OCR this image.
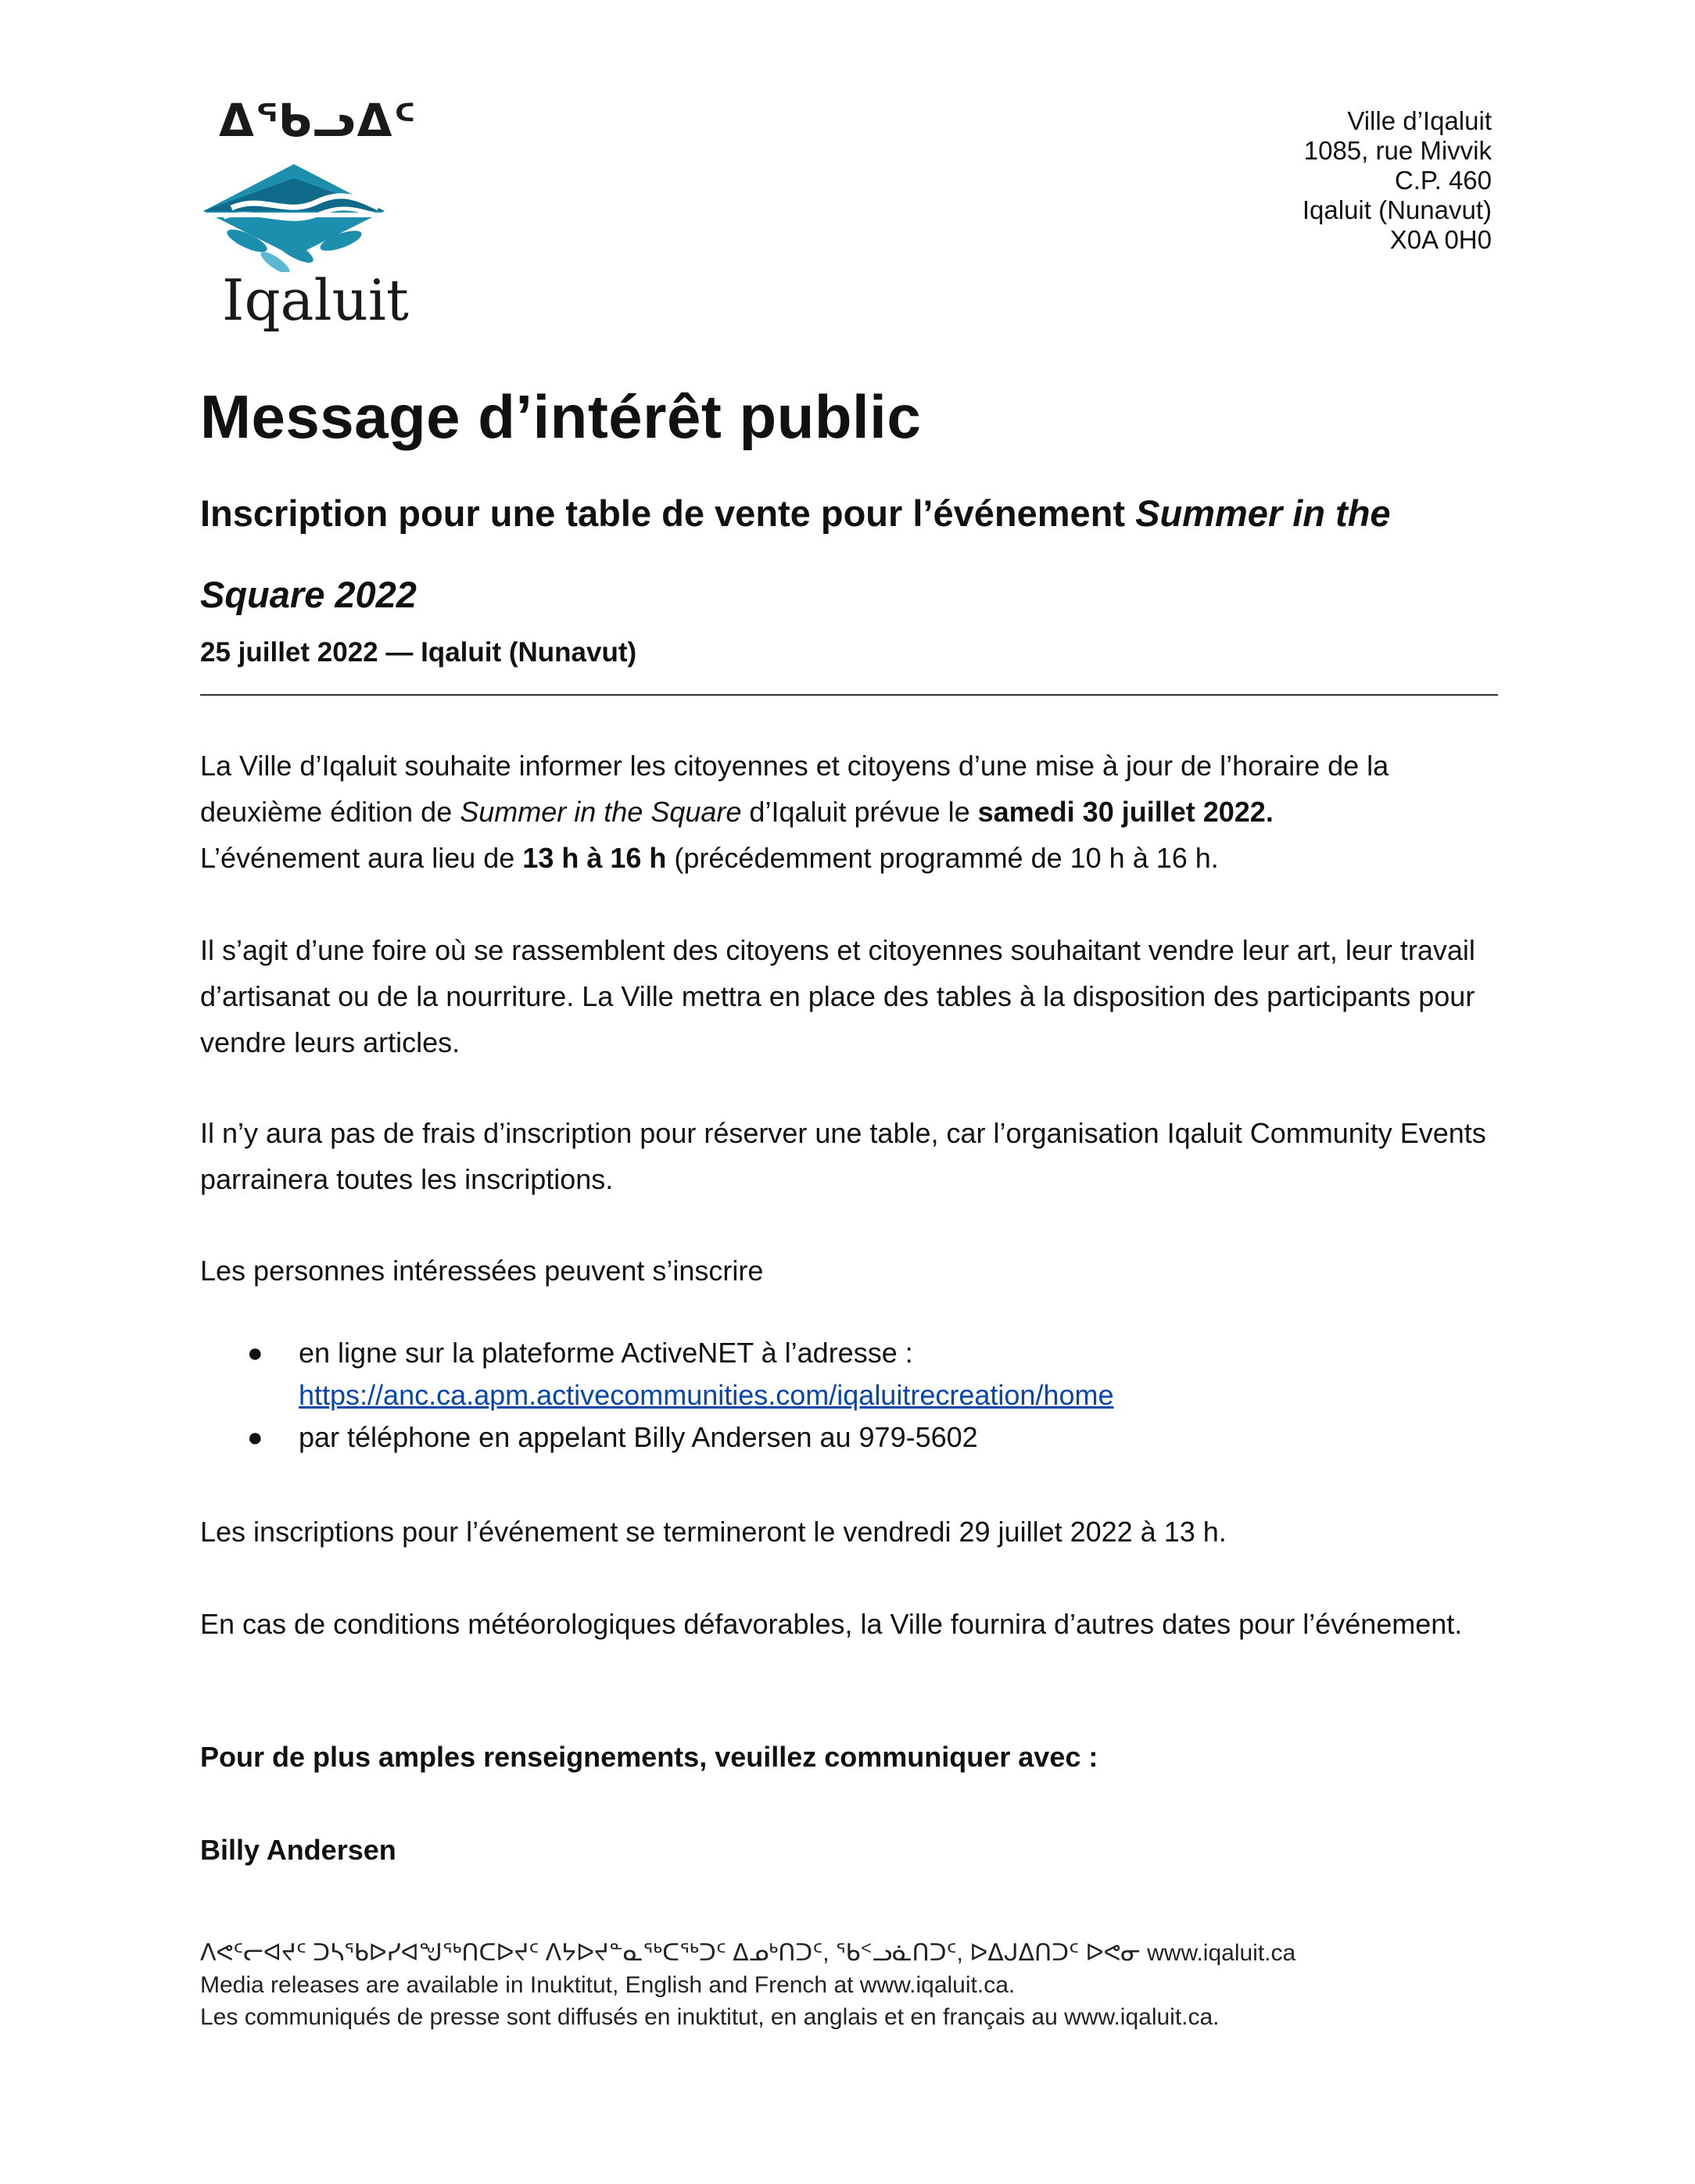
ᐃᖃᓗᐃᑦ
Iqaluit
Ville d’Iqaluit
1085, rue Mivvik
C.P. 460
Iqaluit (Nunavut)
X0A 0H0
Message d’intérêt public

Inscription pour une table de vente pour l’événement Summer in the Square 2022

25 juillet 2022 — Iqaluit (Nunavut)

La Ville d’Iqaluit souhaite informer les citoyennes et citoyens d’une mise à jour de l’horaire de la deuxième édition de Summer in the Square d’Iqaluit prévue le samedi 30 juillet 2022.
L’événement aura lieu de 13 h à 16 h (précédemment programmé de 10 h à 16 h.

Il s’agit d’une foire où se rassemblent des citoyens et citoyennes souhaitant vendre leur art, leur travail d’artisanat ou de la nourriture. La Ville mettra en place des tables à la disposition des participants pour vendre leurs articles.

Il n’y aura pas de frais d’inscription pour réserver une table, car l’organisation Iqaluit Community Events parrainera toutes les inscriptions.

Les personnes intéressées peuvent s’inscrire

● en ligne sur la plateforme ActiveNET à l’adresse :
https://anc.ca.apm.activecommunities.com/iqaluitrecreation/home
● par téléphone en appelant Billy Andersen au 979-5602

Les inscriptions pour l’événement se termineront le vendredi 29 juillet 2022 à 13 h.

En cas de conditions météorologiques défavorables, la Ville fournira d’autres dates pour l’événement.

Pour de plus amples renseignements, veuillez communiquer avec :

Billy Andersen

ᐱᕙᑦᓕᐊᔪᑦ ᑐᓴᕐᑲᐅᓯᐊᖑᖅᑎᑕᐅᔪᑦ ᐱᔭᐅᔪᓐᓇᖅᑕᖅᑐᑦ ᐃᓄᒃᑎᑐᑦ, ᖃᑉᓗᓈᑎᑐᑦ, ᐅᐃᒍᐃᑎᑐᑦ ᐅᕙᓂ www.iqaluit.ca
Media releases are available in Inuktitut, English and French at www.iqaluit.ca.
Les communiqués de presse sont diffusés en inuktitut, en anglais et en français au www.iqaluit.ca.
